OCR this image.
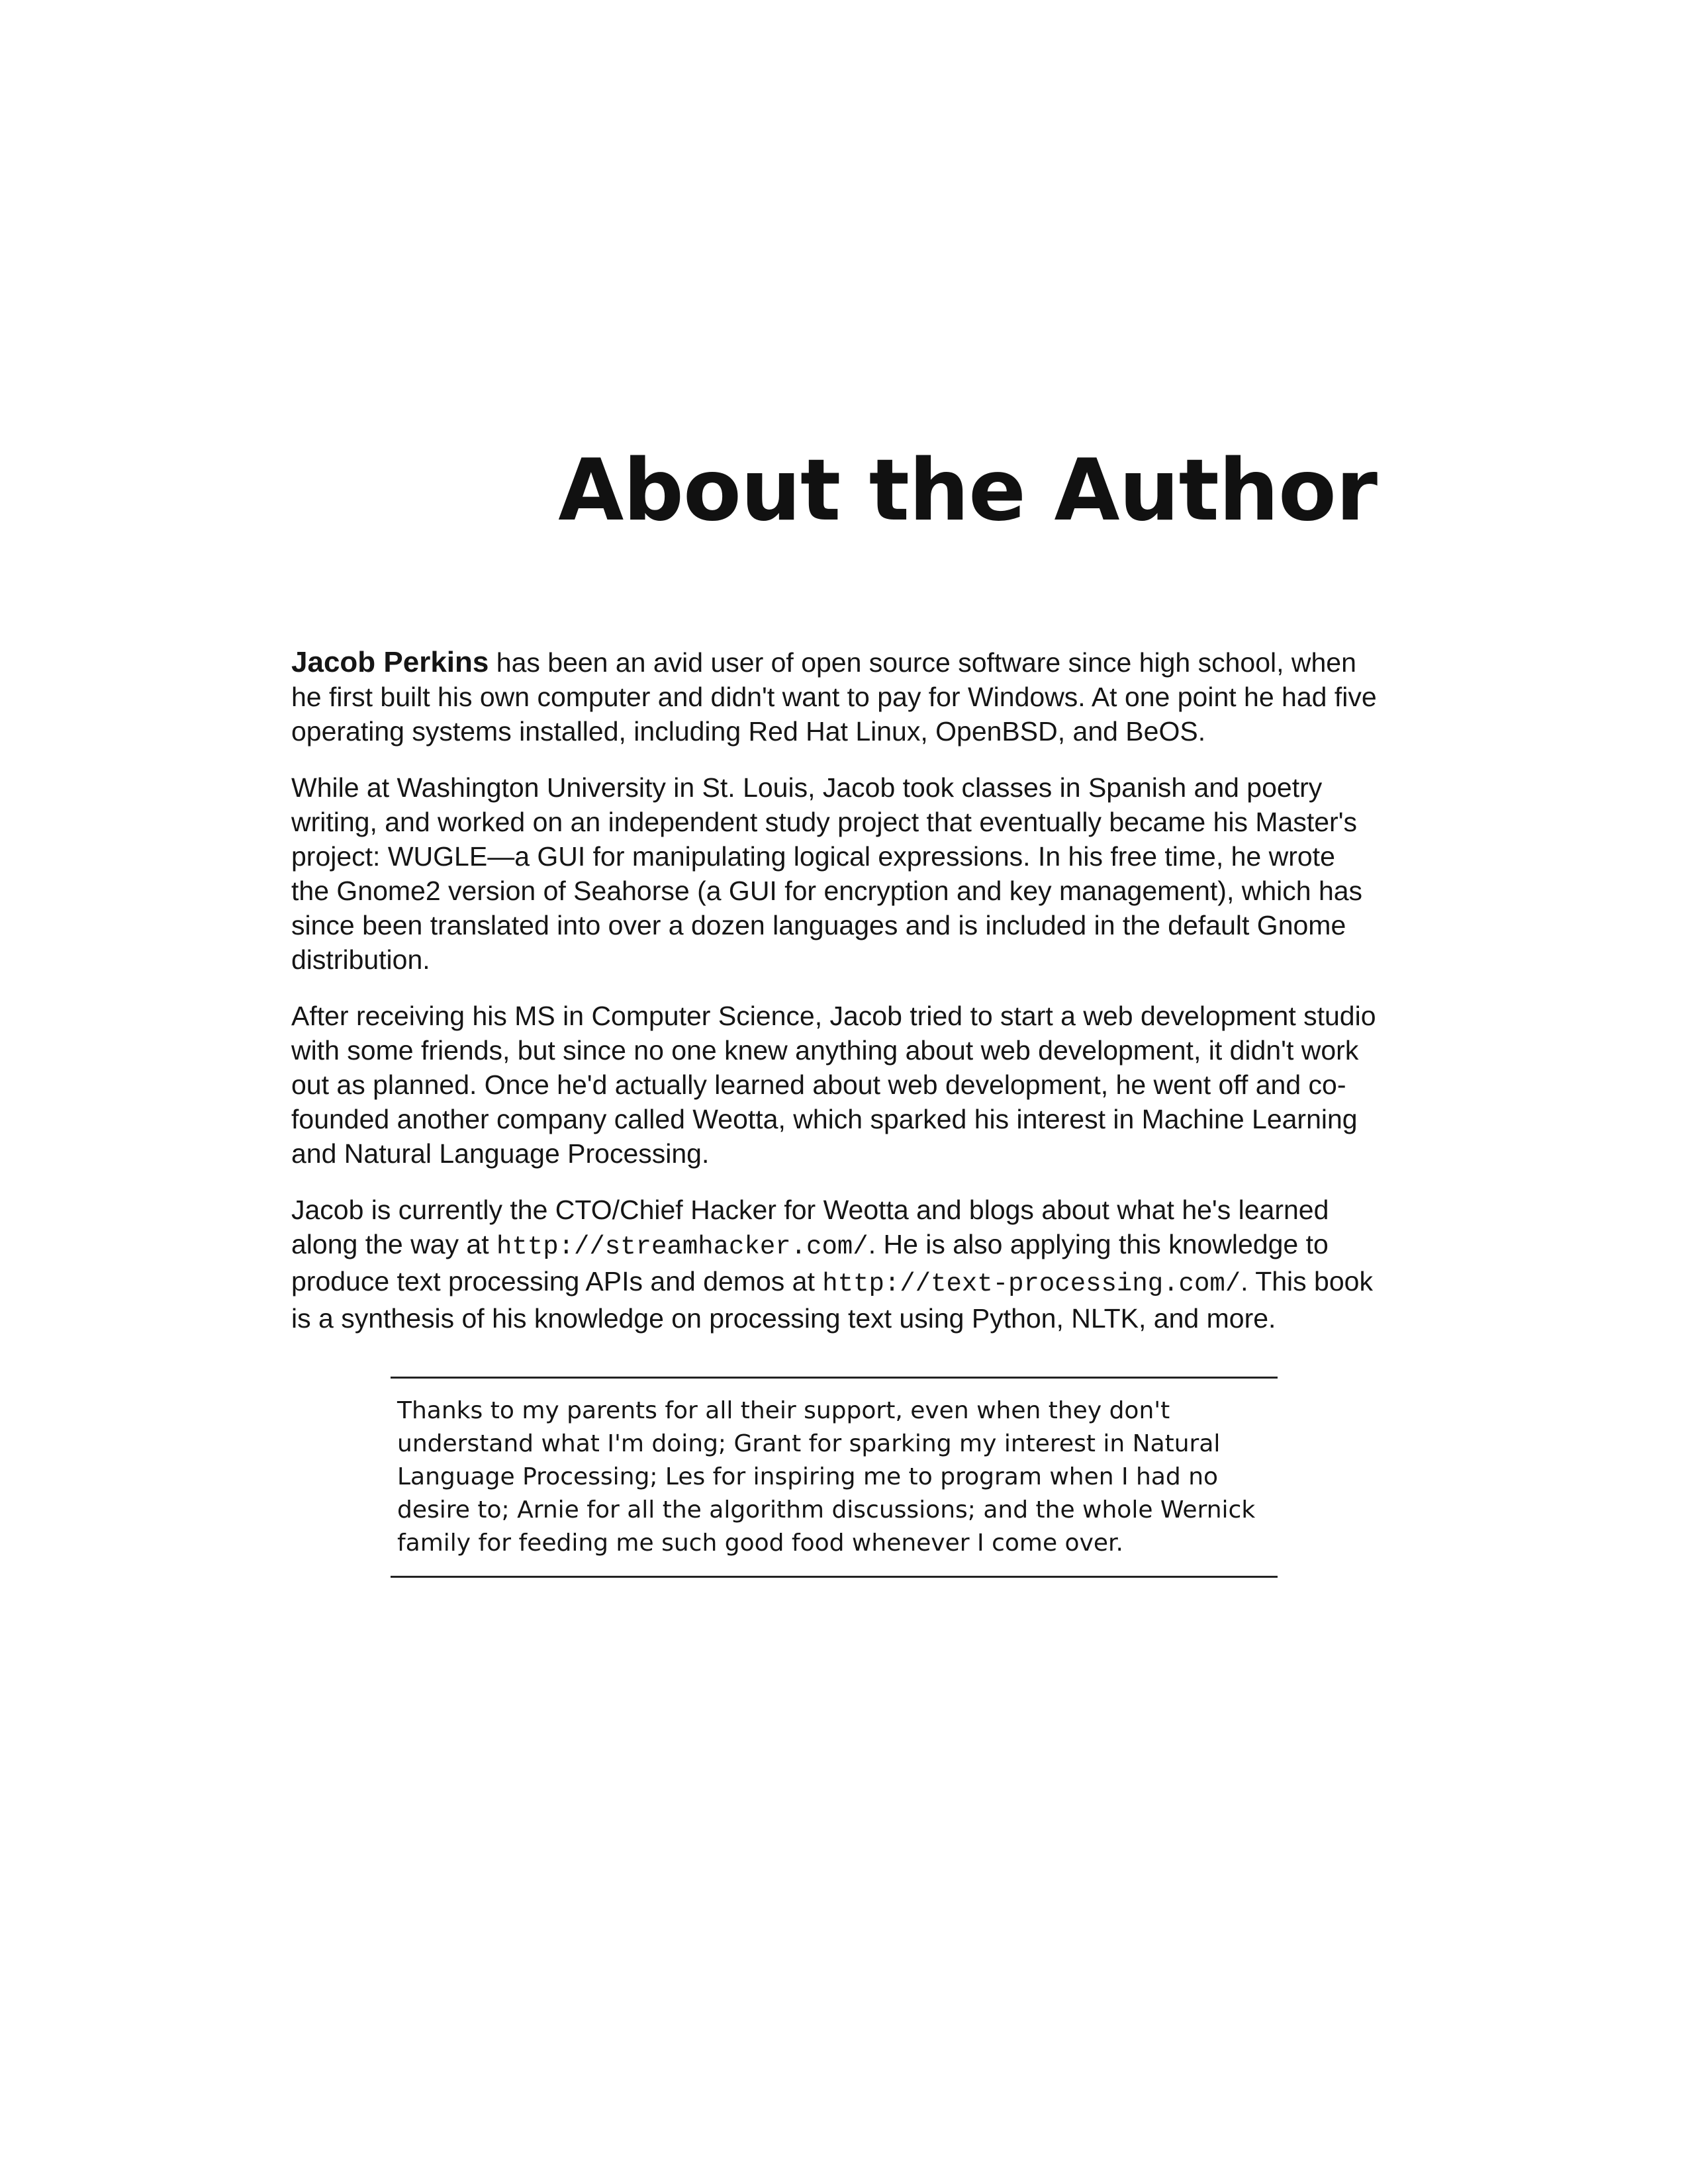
About the Author

Jacob Perkins has been an avid user of open source software since high school, when he first built his own computer and didn't want to pay for Windows. At one point he had five operating systems installed, including Red Hat Linux, OpenBSD, and BeOS.

While at Washington University in St. Louis, Jacob took classes in Spanish and poetry writing, and worked on an independent study project that eventually became his Master's project: WUGLE—a GUI for manipulating logical expressions. In his free time, he wrote the Gnome2 version of Seahorse (a GUI for encryption and key management), which has since been translated into over a dozen languages and is included in the default Gnome distribution.

After receiving his MS in Computer Science, Jacob tried to start a web development studio with some friends, but since no one knew anything about web development, it didn't work out as planned. Once he'd actually learned about web development, he went off and co-founded another company called Weotta, which sparked his interest in Machine Learning and Natural Language Processing.

Jacob is currently the CTO/Chief Hacker for Weotta and blogs about what he's learned along the way at http://streamhacker.com/. He is also applying this knowledge to produce text processing APIs and demos at http://text-processing.com/. This book is a synthesis of his knowledge on processing text using Python, NLTK, and more.

Thanks to my parents for all their support, even when they don't understand what I'm doing; Grant for sparking my interest in Natural Language Processing; Les for inspiring me to program when I had no desire to; Arnie for all the algorithm discussions; and the whole Wernick family for feeding me such good food whenever I come over.
